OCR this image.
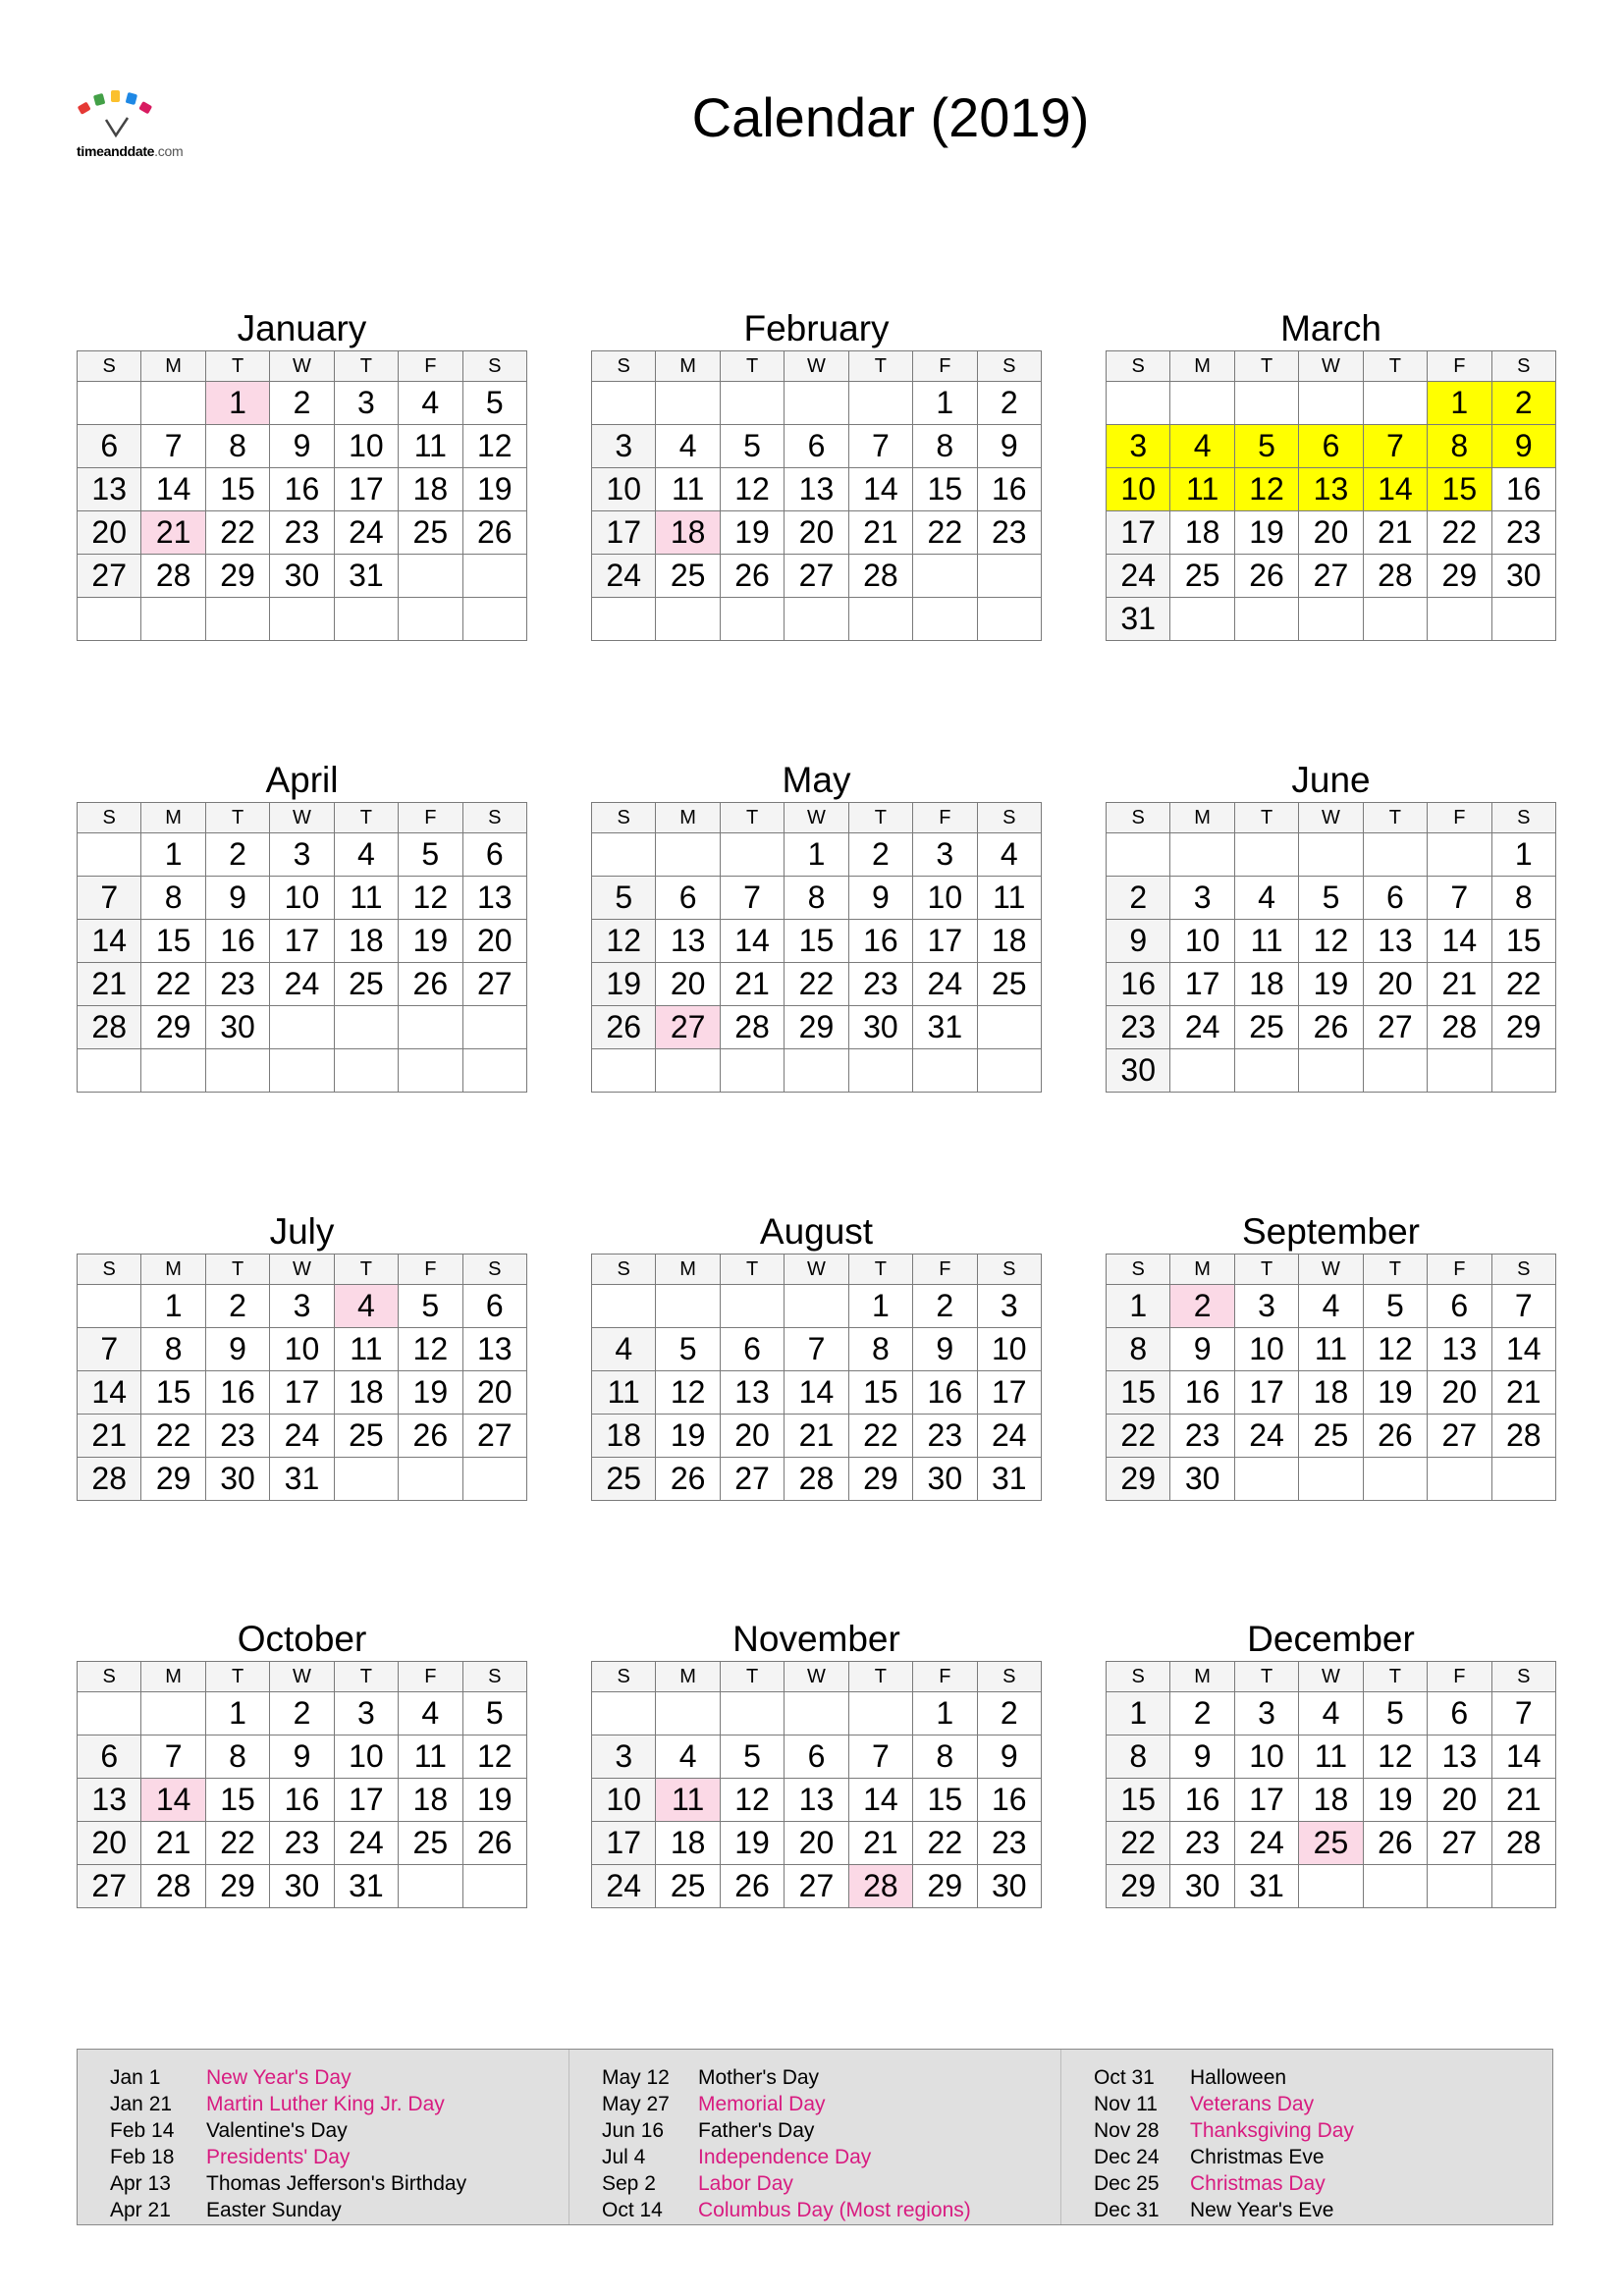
timeanddate.com
Calendar (2019)
January
S	M	T	W	T	F	S
		1	2	3	4	5
6	7	8	9	10	11	12
13	14	15	16	17	18	19
20	21	22	23	24	25	26
27	28	29	30	31		

February
S	M	T	W	T	F	S
					1	2
3	4	5	6	7	8	9
10	11	12	13	14	15	16
17	18	19	20	21	22	23
24	25	26	27	28		

March
S	M	T	W	T	F	S
					1	2
3	4	5	6	7	8	9
10	11	12	13	14	15	16
17	18	19	20	21	22	23
24	25	26	27	28	29	30
31						
April
S	M	T	W	T	F	S
	1	2	3	4	5	6
7	8	9	10	11	12	13
14	15	16	17	18	19	20
21	22	23	24	25	26	27
28	29	30				

May
S	M	T	W	T	F	S
			1	2	3	4
5	6	7	8	9	10	11
12	13	14	15	16	17	18
19	20	21	22	23	24	25
26	27	28	29	30	31	

June
S	M	T	W	T	F	S
						1
2	3	4	5	6	7	8
9	10	11	12	13	14	15
16	17	18	19	20	21	22
23	24	25	26	27	28	29
30						
July
S	M	T	W	T	F	S
	1	2	3	4	5	6
7	8	9	10	11	12	13
14	15	16	17	18	19	20
21	22	23	24	25	26	27
28	29	30	31			
August
S	M	T	W	T	F	S
				1	2	3
4	5	6	7	8	9	10
11	12	13	14	15	16	17
18	19	20	21	22	23	24
25	26	27	28	29	30	31
September
S	M	T	W	T	F	S
1	2	3	4	5	6	7
8	9	10	11	12	13	14
15	16	17	18	19	20	21
22	23	24	25	26	27	28
29	30					
October
S	M	T	W	T	F	S
		1	2	3	4	5
6	7	8	9	10	11	12
13	14	15	16	17	18	19
20	21	22	23	24	25	26
27	28	29	30	31		
November
S	M	T	W	T	F	S
					1	2
3	4	5	6	7	8	9
10	11	12	13	14	15	16
17	18	19	20	21	22	23
24	25	26	27	28	29	30
December
S	M	T	W	T	F	S
1	2	3	4	5	6	7
8	9	10	11	12	13	14
15	16	17	18	19	20	21
22	23	24	25	26	27	28
29	30	31				
Jan 1	New Year's Day
Jan 21	Martin Luther King Jr. Day
Feb 14	Valentine's Day
Feb 18	Presidents' Day
Apr 13	Thomas Jefferson's Birthday
Apr 21	Easter Sunday
May 12	Mother's Day
May 27	Memorial Day
Jun 16	Father's Day
Jul 4	Independence Day
Sep 2	Labor Day
Oct 14	Columbus Day (Most regions)
Oct 31	Halloween
Nov 11	Veterans Day
Nov 28	Thanksgiving Day
Dec 24	Christmas Eve
Dec 25	Christmas Day
Dec 31	New Year's Eve
